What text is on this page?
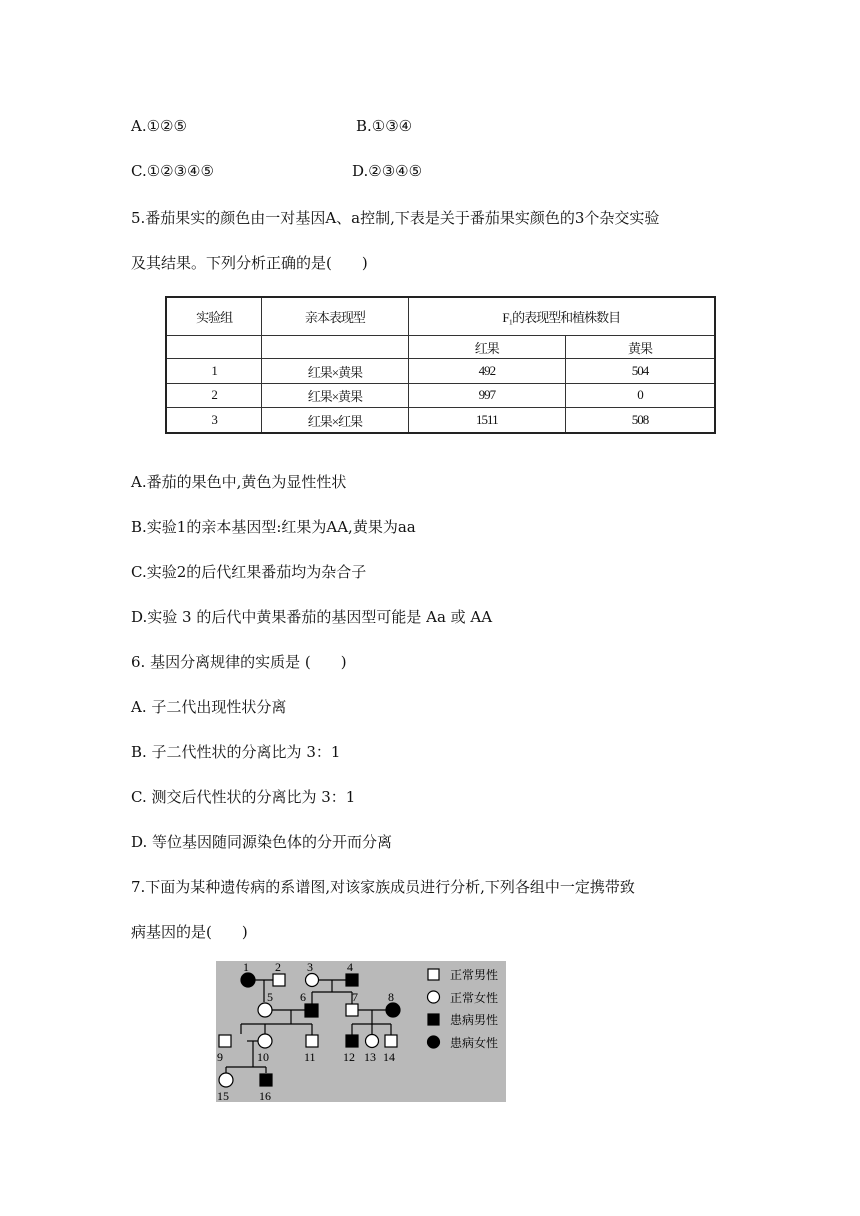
A.①②⑤	B.①③④
C.①②③④⑤	D.②③④⑤
5.番茄果实的颜色由一对基因A、a控制,下表是关于番茄果实颜色的3个杂交实验
及其结果。下列分析正确的是(　　)
实验组	亲本表现型	F₁的表现型和植株数目	
		红果	黄果
1	红果×黄果	492	504
2	红果×黄果	997	0
3	红果×红果	1511	508
A.番茄的果色中,黄色为显性性状
B.实验1的亲本基因型:红果为AA,黄果为aa
C.实验2的后代红果番茄均为杂合子
D.实验 3 的后代中黄果番茄的基因型可能是 Aa 或 AA
6. 基因分离规律的实质是 (　　)
A. 子二代出现性状分离
B. 子二代性状的分离比为 3：1
C. 测交后代性状的分离比为 3：1
D. 等位基因随同源染色体的分开而分离
7.下面为某种遗传病的系谱图,对该家族成员进行分析,下列各组中一定携带致
病基因的是(　　)
1 2 3	4
5 6	7	8
9	10	11 12 13 14
15	16
正常男性
正常女性
患病男性
患病女性
